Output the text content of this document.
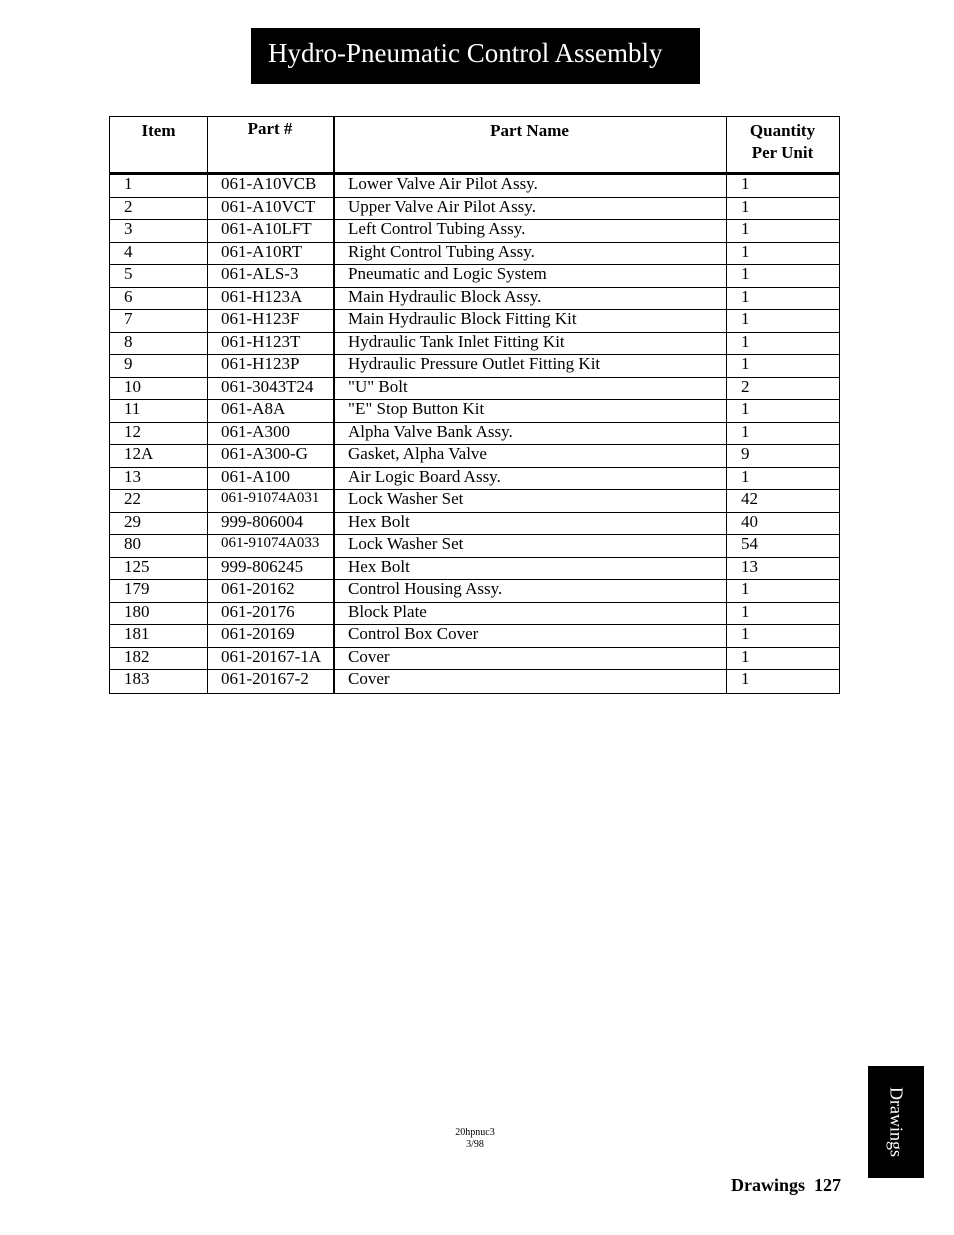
Hydro-Pneumatic Control Assembly
Item	Part #	Part Name	Quantity
Per Unit
1	061-A10VCB	Lower Valve Air Pilot Assy.	1
2	061-A10VCT	Upper Valve Air Pilot Assy.	1
3	061-A10LFT	Left Control Tubing Assy.	1
4	061-A10RT	Right Control Tubing Assy.	1
5	061-ALS-3	Pneumatic and Logic System	1
6	061-H123A	Main Hydraulic Block Assy.	1
7	061-H123F	Main Hydraulic Block Fitting Kit	1
8	061-H123T	Hydraulic Tank Inlet Fitting Kit	1
9	061-H123P	Hydraulic Pressure Outlet Fitting Kit	1
10	061-3043T24	"U" Bolt	2
11	061-A8A	"E" Stop Button Kit	1
12	061-A300	Alpha Valve Bank Assy.	1
12A	061-A300-G	Gasket, Alpha Valve	9
13	061-A100	Air Logic Board Assy.	1
22	061-91074A031	Lock Washer Set	42
29	999-806004	Hex Bolt	40
80	061-91074A033	Lock Washer Set	54
125	999-806245	Hex Bolt	13
179	061-20162	Control Housing Assy.	1
180	061-20176	Block Plate	1
181	061-20169	Control Box Cover	1
182	061-20167-1A	Cover	1
183	061-20167-2	Cover	1
20hpnuc3
3/98	Drawings
Drawings 127
